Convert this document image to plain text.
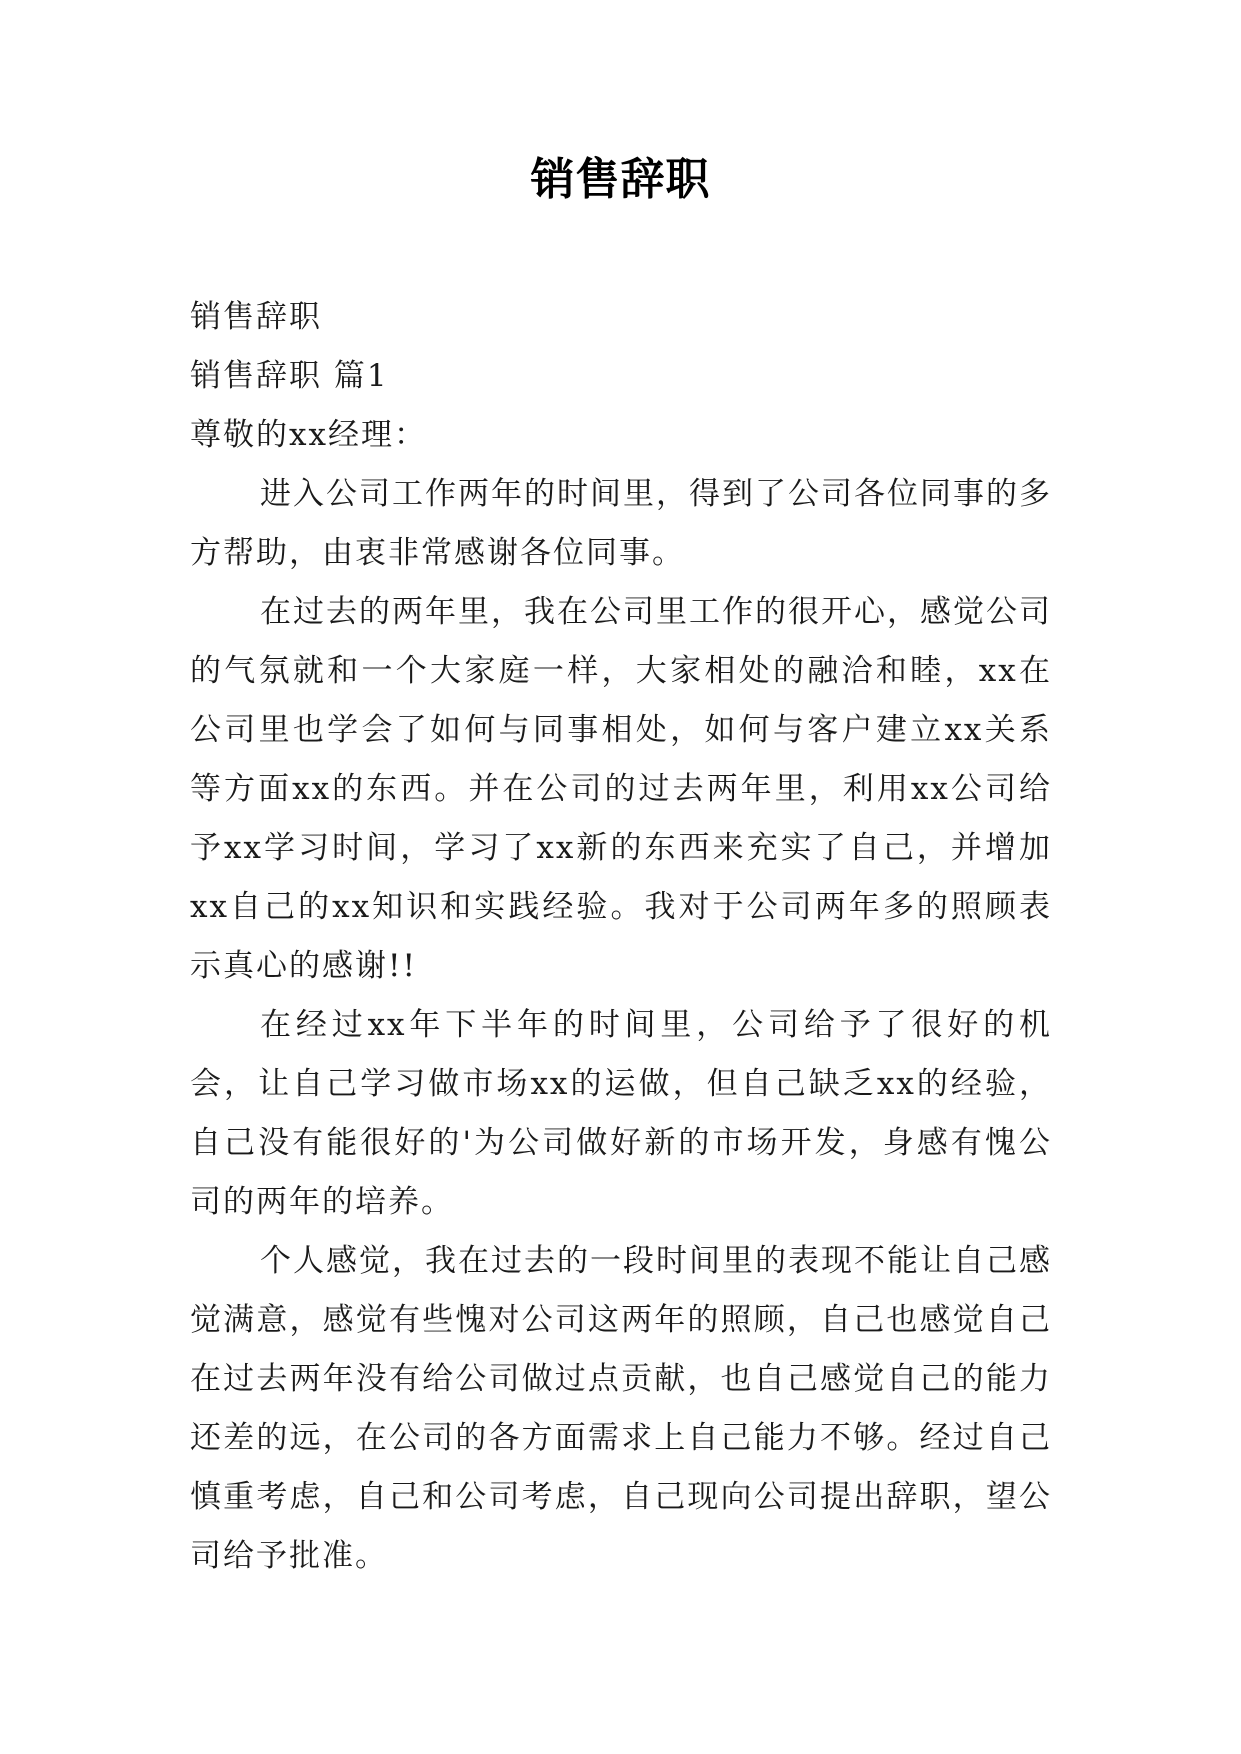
销售辞职

销售辞职

销售辞职 篇1

尊敬的xx经理：

进入公司工作两年的时间里，得到了公司各位同事的多方帮助，由衷非常感谢各位同事。

在过去的两年里，我在公司里工作的很开心，感觉公司的气氛就和一个大家庭一样，大家相处的融洽和睦，xx在公司里也学会了如何与同事相处，如何与客户建立xx关系等方面xx的东西。并在公司的过去两年里，利用xx公司给予xx学习时间，学习了xx新的东西来充实了自己，并增加xx自己的xx知识和实践经验。我对于公司两年多的照顾表示真心的感谢!!

在经过xx年下半年的时间里，公司给予了很好的机会，让自己学习做市场xx的运做，但自己缺乏xx的经验，自己没有能很好的'为公司做好新的市场开发，身感有愧公司的两年的培养。

个人感觉，我在过去的一段时间里的表现不能让自己感觉满意，感觉有些愧对公司这两年的照顾，自己也感觉自己在过去两年没有给公司做过点贡献，也自己感觉自己的能力还差的远，在公司的各方面需求上自己能力不够。经过自己慎重考虑，自己和公司考虑，自己现向公司提出辞职，望公司给予批准。
